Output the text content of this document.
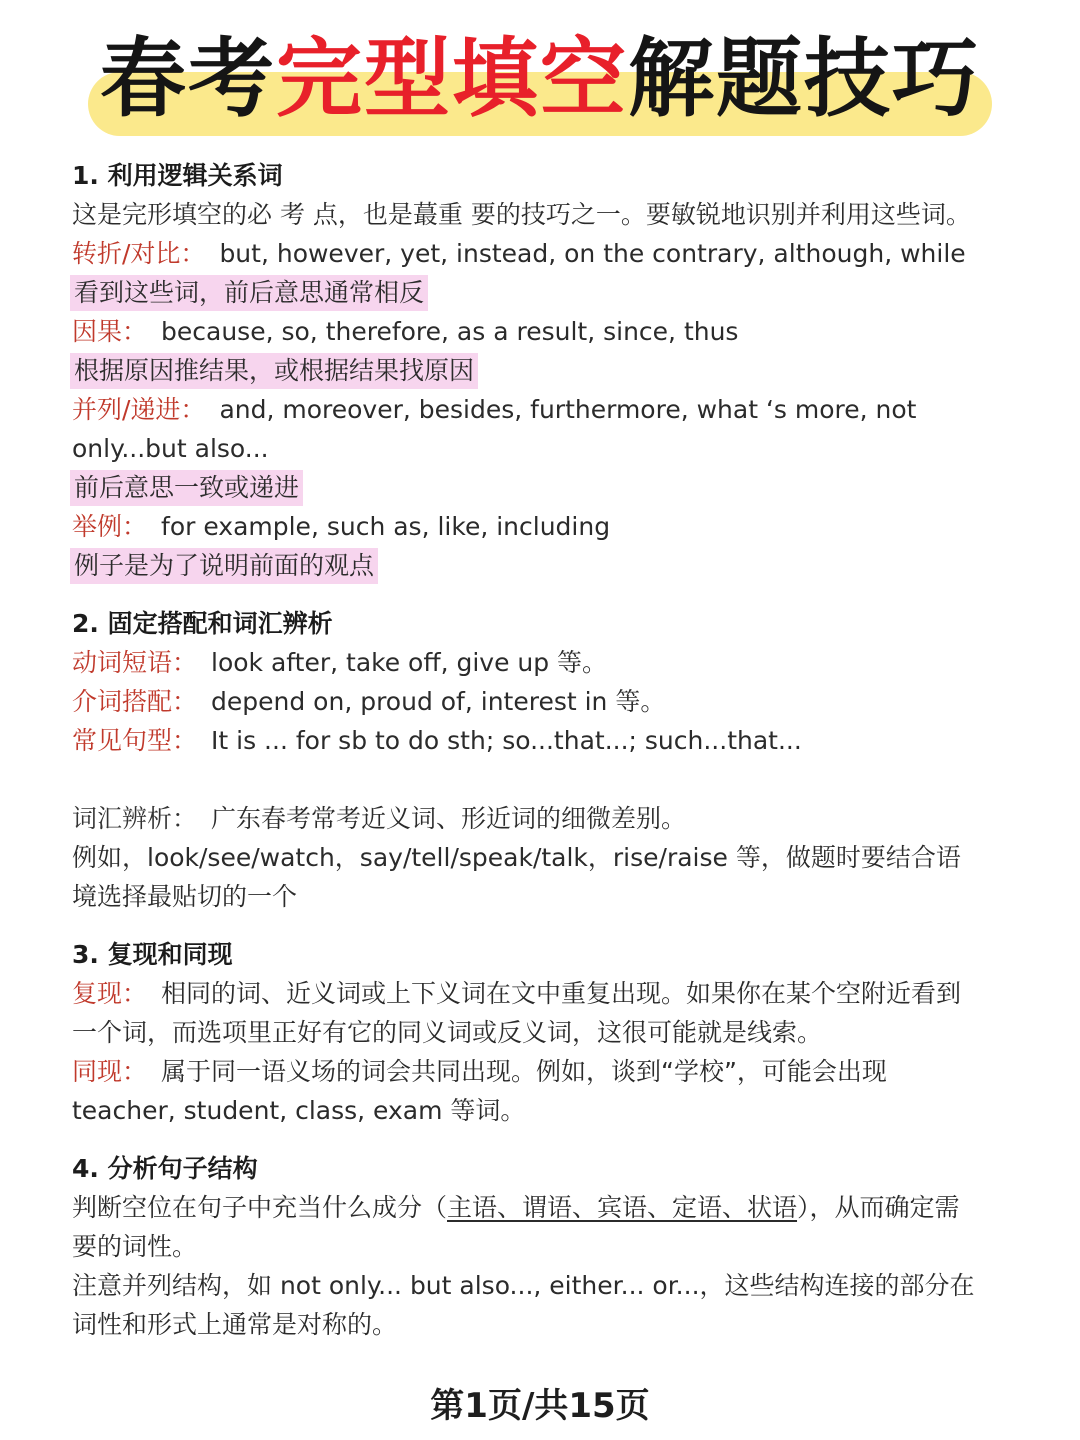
春考完型填空解题技巧
1. 利用逻辑关系词
这是完形填空的必 考 点，也是蕞重 要的技巧之一。要敏锐地识别并利用这些词。
转折/对比： but, however, yet, instead, on the contrary, although, while
看到这些词，前后意思通常相反
因果： because, so, therefore, as a result, since, thus
根据原因推结果，或根据结果找原因
并列/递进： and, moreover, besides, furthermore, what ‘s more, not
only...but also...
前后意思一致或递进
举例： for example, such as, like, including
例子是为了说明前面的观点
2. 固定搭配和词汇辨析
动词短语： look after, take off, give up 等。
介词搭配： depend on, proud of, interest in 等。
常见句型： It is ... for sb to do sth; so...that...; such...that...
词汇辨析： 广东春考常考近义词、形近词的细微差别。
例如，look/see/watch，say/tell/speak/talk，rise/raise 等，做题时要结合语
境选择最贴切的一个
3. 复现和同现
复现： 相同的词、近义词或上下义词在文中重复出现。如果你在某个空附近看到
一个词，而选项里正好有它的同义词或反义词，这很可能就是线索。
同现： 属于同一语义场的词会共同出现。例如，谈到“学校”，可能会出现
teacher, student, class, exam 等词。
4. 分析句子结构
判断空位在句子中充当什么成分（主语、谓语、宾语、定语、状语），从而确定需
要的词性。
注意并列结构，如 not only... but also..., either... or...，这些结构连接的部分在
词性和形式上通常是对称的。
第1页/共15页
